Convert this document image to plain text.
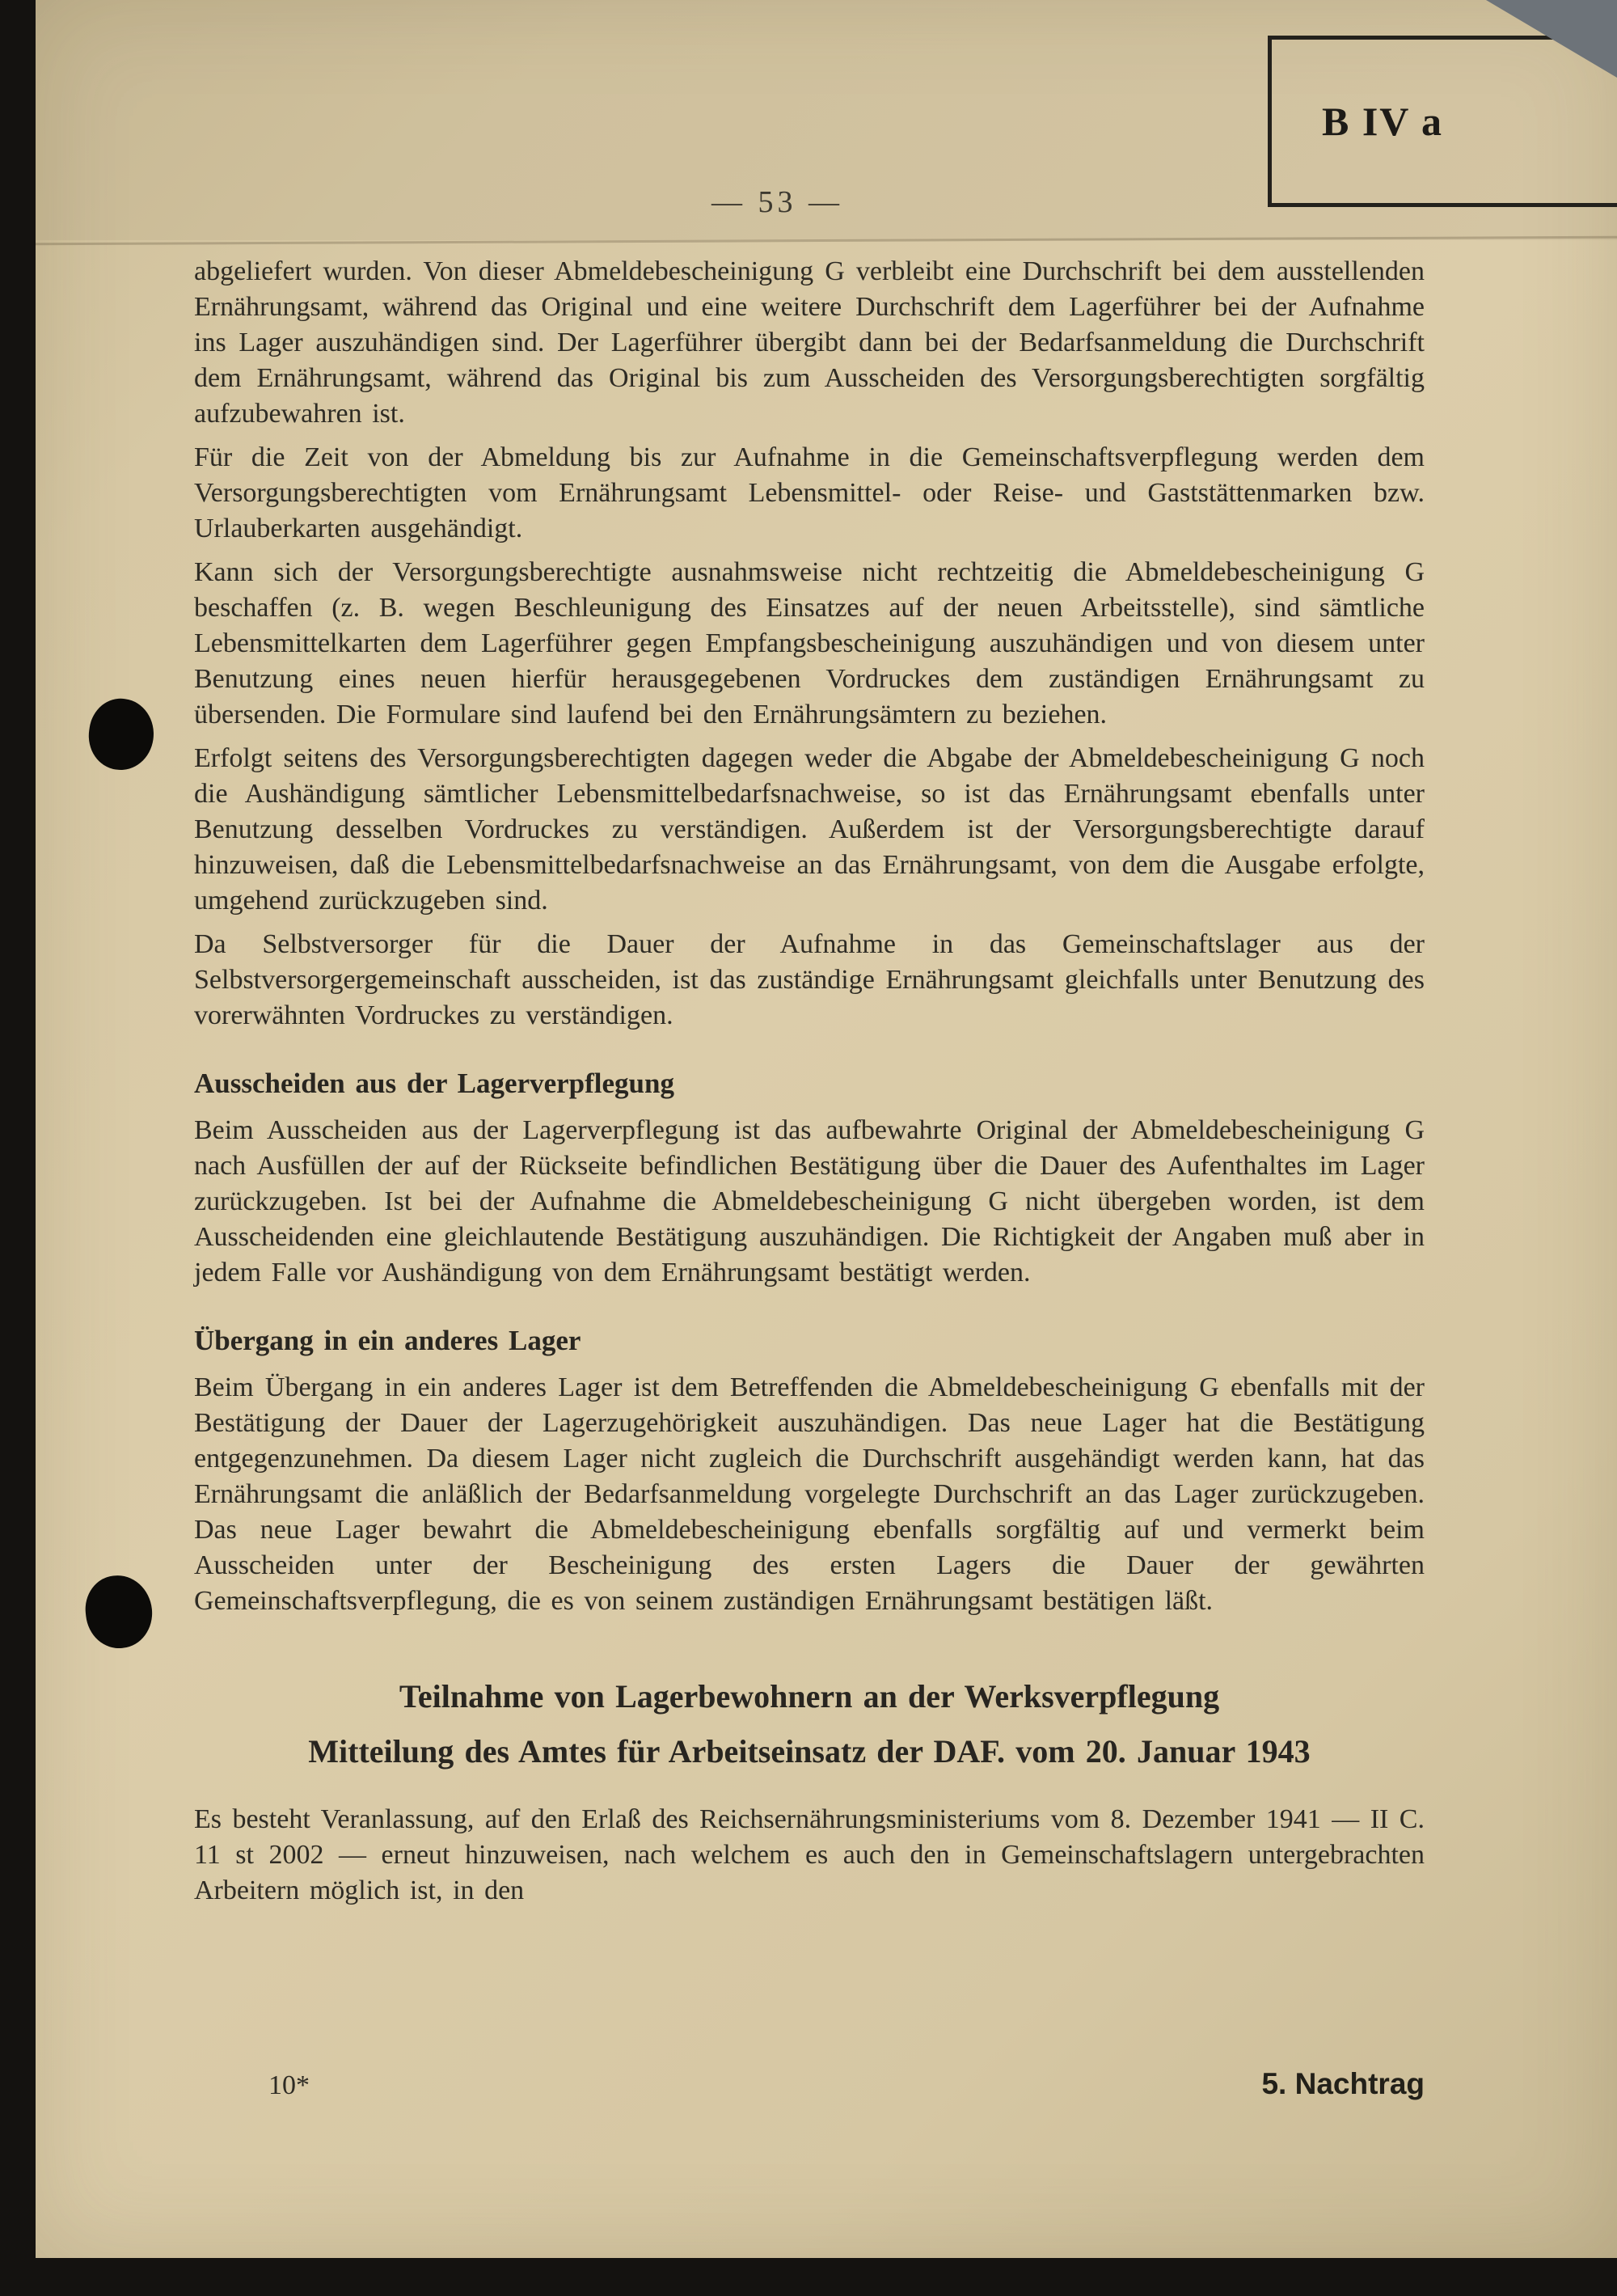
B IV a
— 53 —

abgeliefert wurden. Von dieser Abmeldebescheinigung G verbleibt eine Durchschrift bei dem ausstellenden Ernährungsamt, während das Original und eine weitere Durchschrift dem Lagerführer bei der Aufnahme ins Lager auszuhändigen sind. Der Lagerführer übergibt dann bei der Bedarfsanmeldung die Durchschrift dem Ernährungsamt, während das Original bis zum Ausscheiden des Versorgungsberechtigten sorgfältig aufzubewahren ist.

Für die Zeit von der Abmeldung bis zur Aufnahme in die Gemeinschaftsverpflegung werden dem Versorgungsberechtigten vom Ernährungsamt Lebensmittel- oder Reise- und Gaststättenmarken bzw. Urlauberkarten ausgehändigt.

Kann sich der Versorgungsberechtigte ausnahmsweise nicht rechtzeitig die Abmeldebescheinigung G beschaffen (z. B. wegen Beschleunigung des Einsatzes auf der neuen Arbeitsstelle), sind sämtliche Lebensmittelkarten dem Lagerführer gegen Empfangsbescheinigung auszuhändigen und von diesem unter Benutzung eines neuen hierfür herausgegebenen Vordruckes dem zuständigen Ernährungsamt zu übersenden. Die Formulare sind laufend bei den Ernährungsämtern zu beziehen.

Erfolgt seitens des Versorgungsberechtigten dagegen weder die Abgabe der Abmeldebescheinigung G noch die Aushändigung sämtlicher Lebensmittelbedarfsnachweise, so ist das Ernährungsamt ebenfalls unter Benutzung desselben Vordruckes zu verständigen. Außerdem ist der Versorgungsberechtigte darauf hinzuweisen, daß die Lebensmittelbedarfsnachweise an das Ernährungsamt, von dem die Ausgabe erfolgte, umgehend zurückzugeben sind.

Da Selbstversorger für die Dauer der Aufnahme in das Gemeinschaftslager aus der Selbstversorgergemeinschaft ausscheiden, ist das zuständige Ernährungsamt gleichfalls unter Benutzung des vorerwähnten Vordruckes zu verständigen.

Ausscheiden aus der Lagerverpflegung

Beim Ausscheiden aus der Lagerverpflegung ist das aufbewahrte Original der Abmeldebescheinigung G nach Ausfüllen der auf der Rückseite befindlichen Bestätigung über die Dauer des Aufenthaltes im Lager zurückzugeben. Ist bei der Aufnahme die Abmeldebescheinigung G nicht übergeben worden, ist dem Ausscheidenden eine gleichlautende Bestätigung auszuhändigen. Die Richtigkeit der Angaben muß aber in jedem Falle vor Aushändigung von dem Ernährungsamt bestätigt werden.

Übergang in ein anderes Lager

Beim Übergang in ein anderes Lager ist dem Betreffenden die Abmeldebescheinigung G ebenfalls mit der Bestätigung der Dauer der Lagerzugehörigkeit auszuhändigen. Das neue Lager hat die Bestätigung entgegenzunehmen. Da diesem Lager nicht zugleich die Durchschrift ausgehändigt werden kann, hat das Ernährungsamt die anläßlich der Bedarfsanmeldung vorgelegte Durchschrift an das Lager zurückzugeben. Das neue Lager bewahrt die Abmeldebescheinigung ebenfalls sorgfältig auf und vermerkt beim Ausscheiden unter der Bescheinigung des ersten Lagers die Dauer der gewährten Gemeinschaftsverpflegung, die es von seinem zuständigen Ernährungsamt bestätigen läßt.

Teilnahme von Lagerbewohnern an der Werksverpflegung
Mitteilung des Amtes für Arbeitseinsatz der DAF. vom 20. Januar 1943

Es besteht Veranlassung, auf den Erlaß des Reichsernährungsministeriums vom 8. Dezember 1941 — II C. 11 st 2002 — erneut hinzuweisen, nach welchem es auch den in Gemeinschaftslagern untergebrachten Arbeitern möglich ist, in den

10*	5. Nachtrag
